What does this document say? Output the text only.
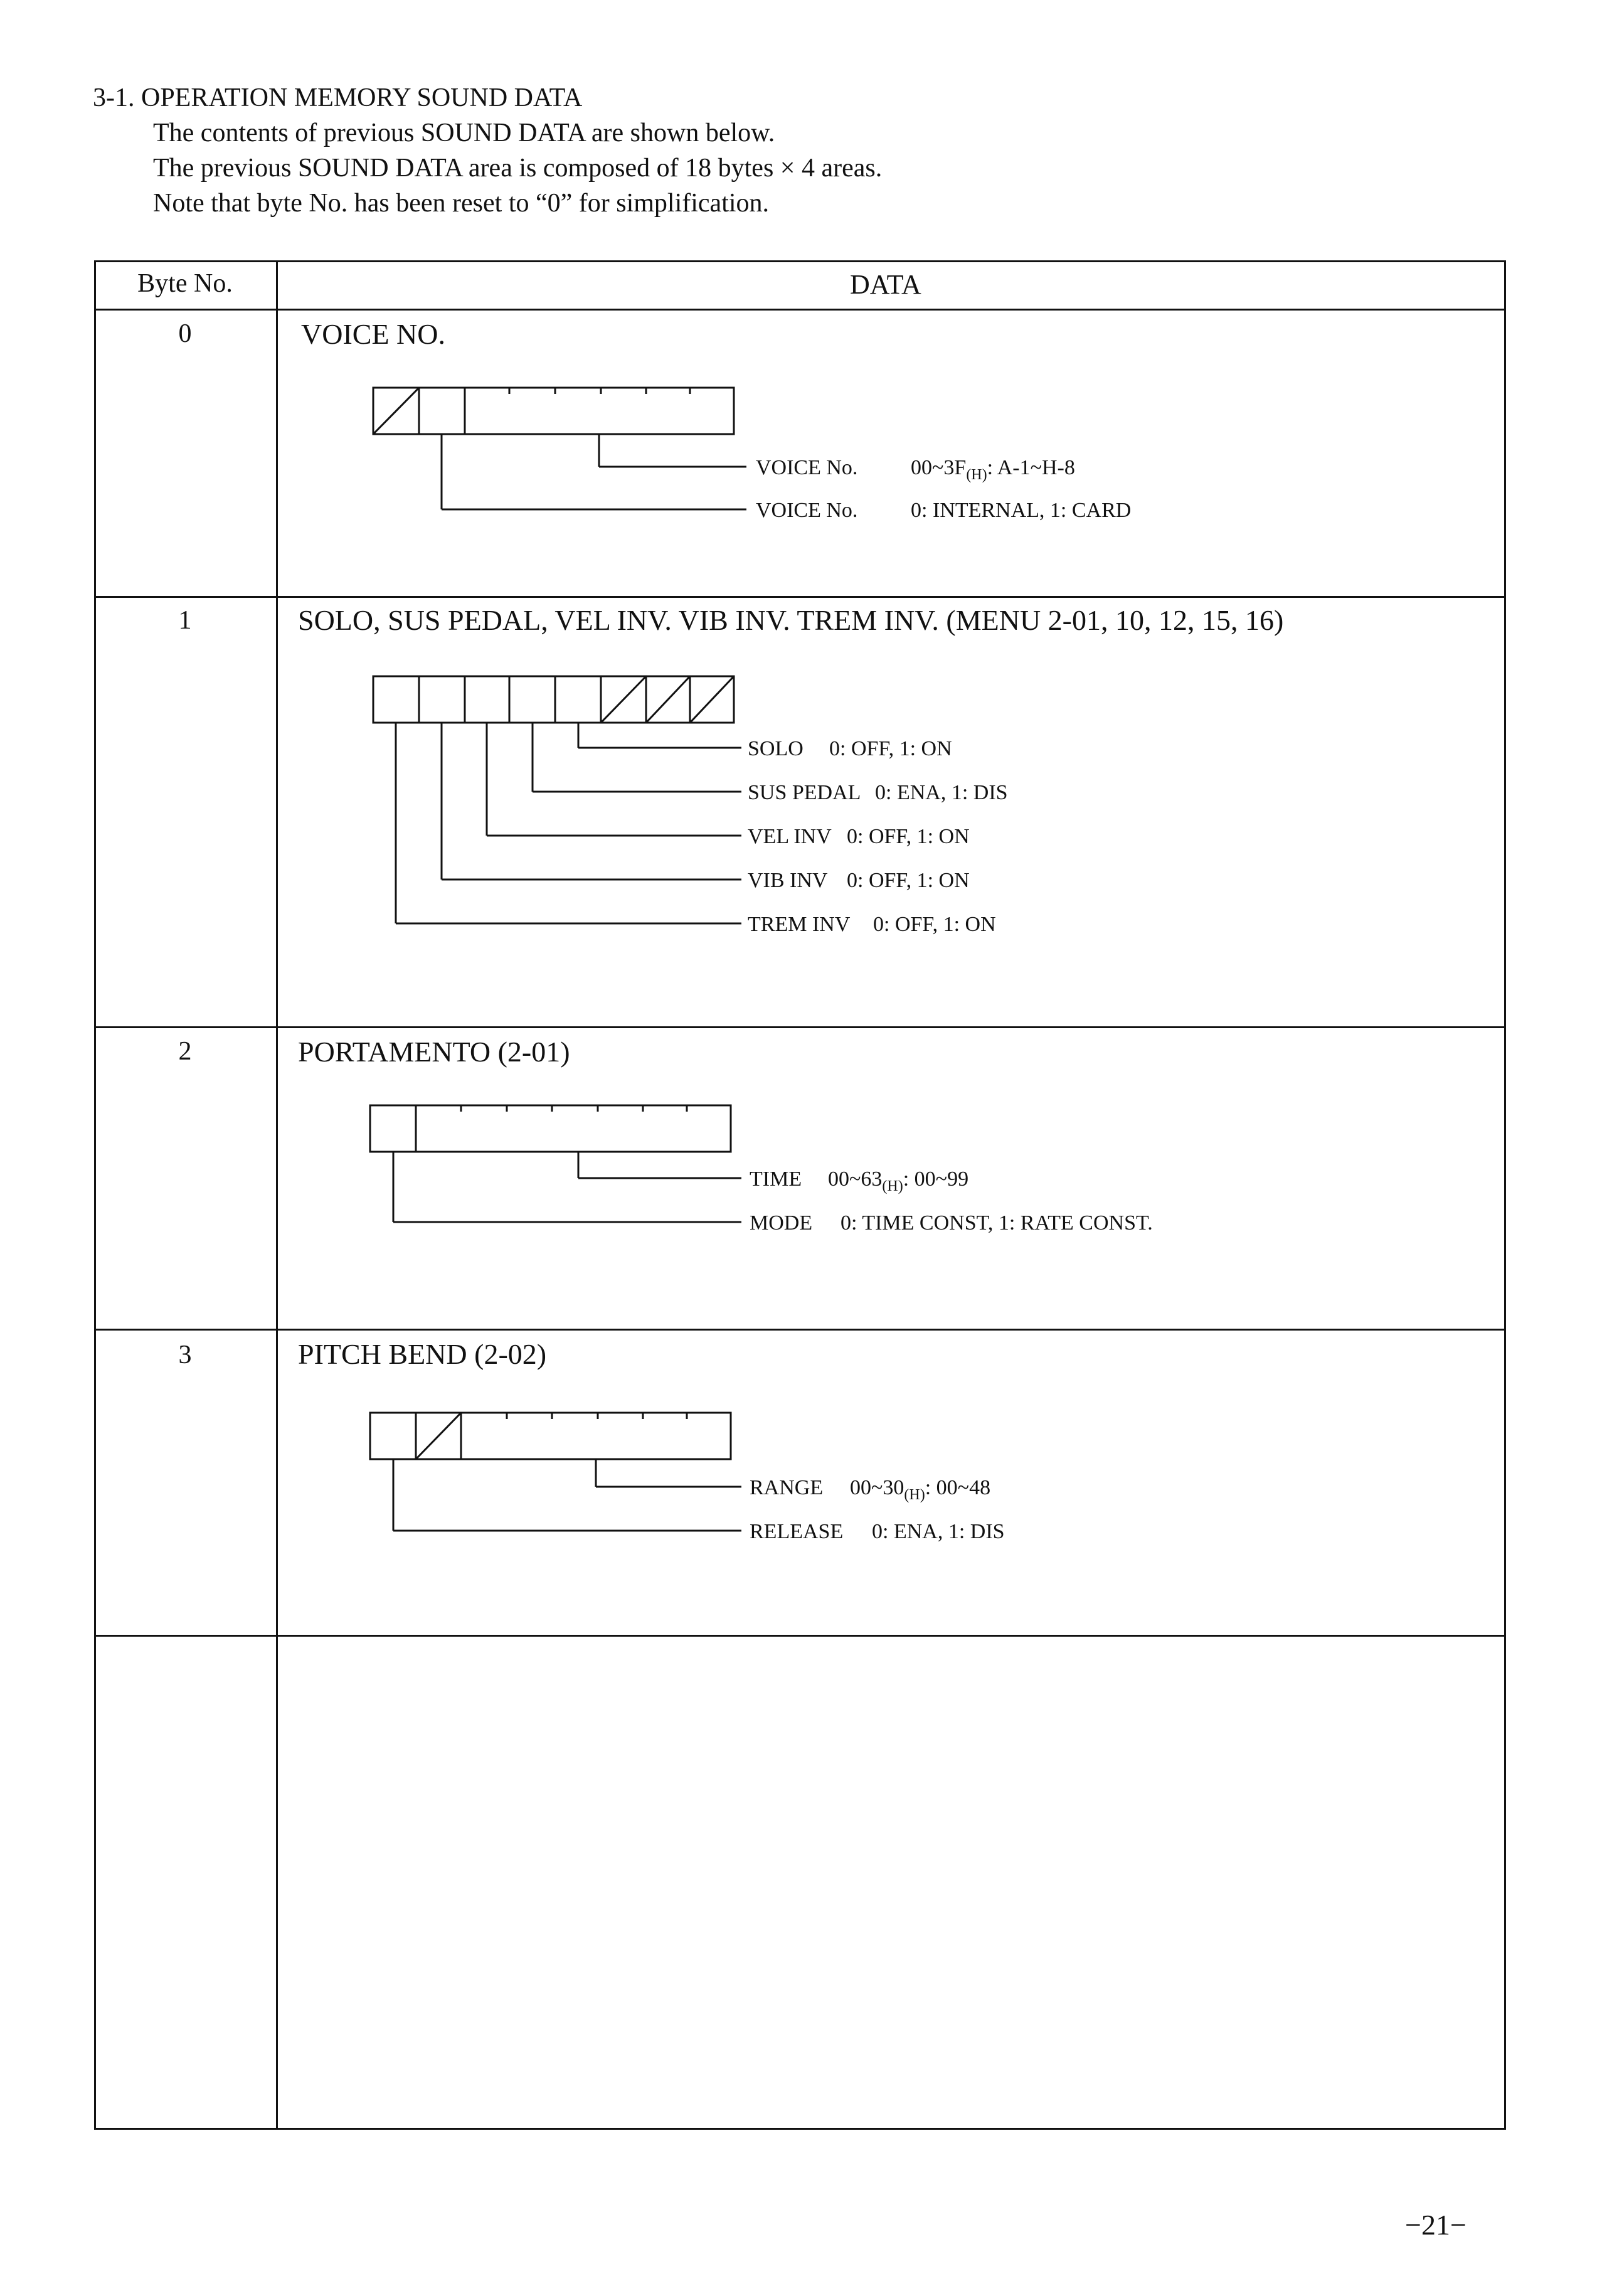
3-1. OPERATION MEMORY SOUND DATA
The contents of previous SOUND DATA are shown below.
The previous SOUND DATA area is composed of 18 bytes × 4 areas.
Note that byte No. has been reset to “0” for simplification.
Byte No.	DATA
0	VOICE NO.
VOICE No. $00\sim 3F_{(H)}$: A-1~H-8
VOICE No. 0: INTERNAL, 1: CARD
1	SOLO, SUS PEDAL, VEL INV. VIB INV. TREM INV. (MENU 2-01, 10, 12, 15, 16)
SOLO 0: OFF, 1: ON
SUS PEDAL 0: ENA, 1: DIS
VEL INV 0: OFF, 1: ON
VIB INV 0: OFF, 1: ON
TREM INV 0: OFF, 1: ON
2	PORTAMENTO (2-01)
TIME $00\sim 63_{(H)}$: 00~99
MODE 0: TIME CONST, 1: RATE CONST.
3	PITCH BEND (2-02)
RANGE $00\sim 30_{(H)}$: 00~48
RELEASE 0: ENA, 1: DIS
−21−
